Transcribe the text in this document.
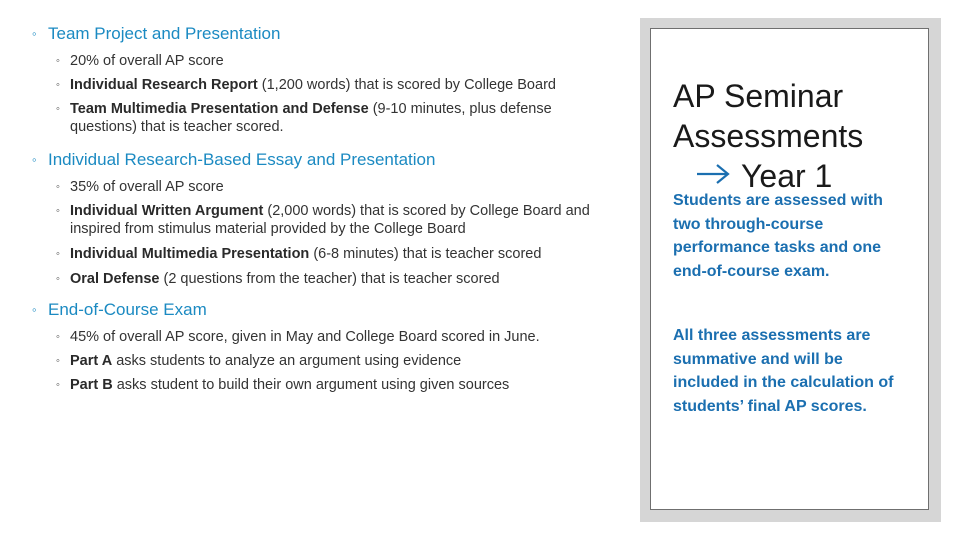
◦ Team Project and Presentation
◦ 20% of overall AP score
◦ Individual Research Report (1,200 words) that is scored by College Board
◦ Team Multimedia Presentation and Defense (9-10 minutes, plus defense questions) that is teacher scored.
◦ Individual Research-Based Essay and Presentation
◦ 35% of overall AP score
◦ Individual Written Argument (2,000 words) that is scored by College Board and inspired from stimulus material provided by the College Board
◦ Individual Multimedia Presentation (6-8 minutes) that is teacher scored
◦ Oral Defense (2 questions from the teacher) that is teacher scored
◦ End-of-Course Exam
◦ 45% of overall AP score, given in May and College Board scored in June.
◦ Part A asks students to analyze an argument using evidence
◦ Part B asks student to build their own argument using given sources
AP Seminar
Assessments
Year 1
Students are assessed with two through-course performance tasks and one end-of-course exam.
All three assessments are summative and will be included in the calculation of students’ final AP scores.
